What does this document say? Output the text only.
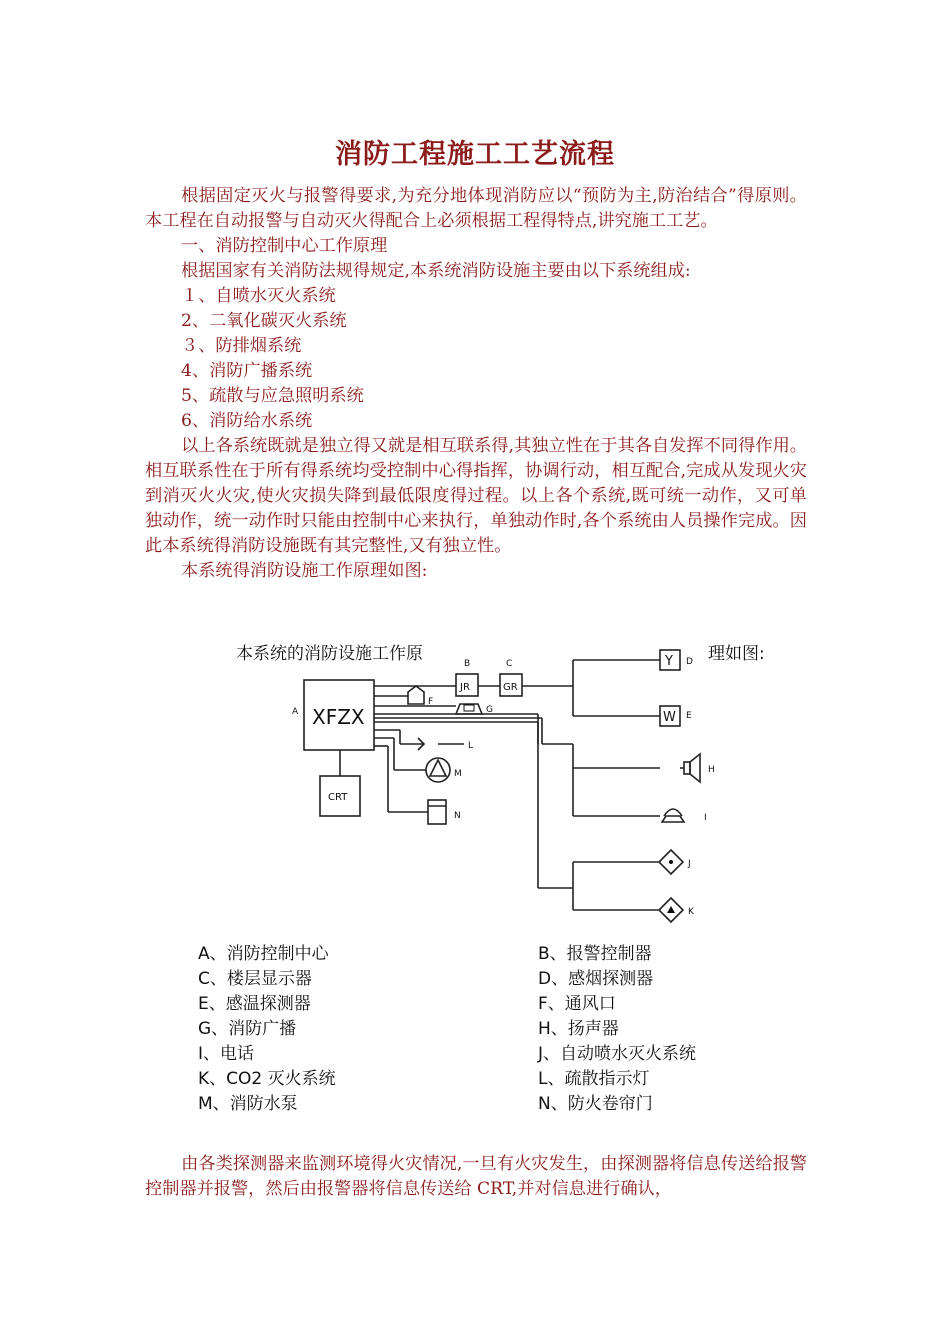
消防工程施工工艺流程

根据固定灭火与报警得要求,为充分地体现消防应以“预防为主,防治结合”得原则。本工程在自动报警与自动灭火得配合上必须根据工程得特点,讲究施工工艺。

一、消防控制中心工作原理

根据国家有关消防法规得规定,本系统消防设施主要由以下系统组成:

１、自喷水灭火系统

2、二氧化碳灭火系统

３、防排烟系统

4、消防广播系统

5、疏散与应急照明系统

6、消防给水系统

以上各系统既就是独立得又就是相互联系得,其独立性在于其各自发挥不同得作用。相互联系性在于所有得系统均受控制中心得指挥，协调行动，相互配合,完成从发现火灾到消灭火火灾,使火灾损失降到最低限度得过程。以上各个系统,既可统一动作，又可单独动作，统一动作时只能由控制中心来执行，单独动作时,各个系统由人员操作完成。因此本系统得消防设施既有其完整性,又有独立性。

本系统得消防设施工作原理如图:

本系统的消防设施工作原	理如图:
XFZX
CRT
JR	GR
Y
W
A
B	C	D
E
F
G
H
I
J
K
L
M
N
A、消防控制中心	B、报警控制器
C、楼层显示器	D、感烟探测器
E、感温探测器	F、通风口
G、消防广播	H、扬声器
I、电话	J、自动喷水灭火系统
K、CO2 灭火系统	L、疏散指示灯
M、消防水泵	N、防火卷帘门

由各类探测器来监测环境得火灾情况,一旦有火灾发生，由探测器将信息传送给报警控制器并报警，然后由报警器将信息传送给 CRT,并对信息进行确认，
